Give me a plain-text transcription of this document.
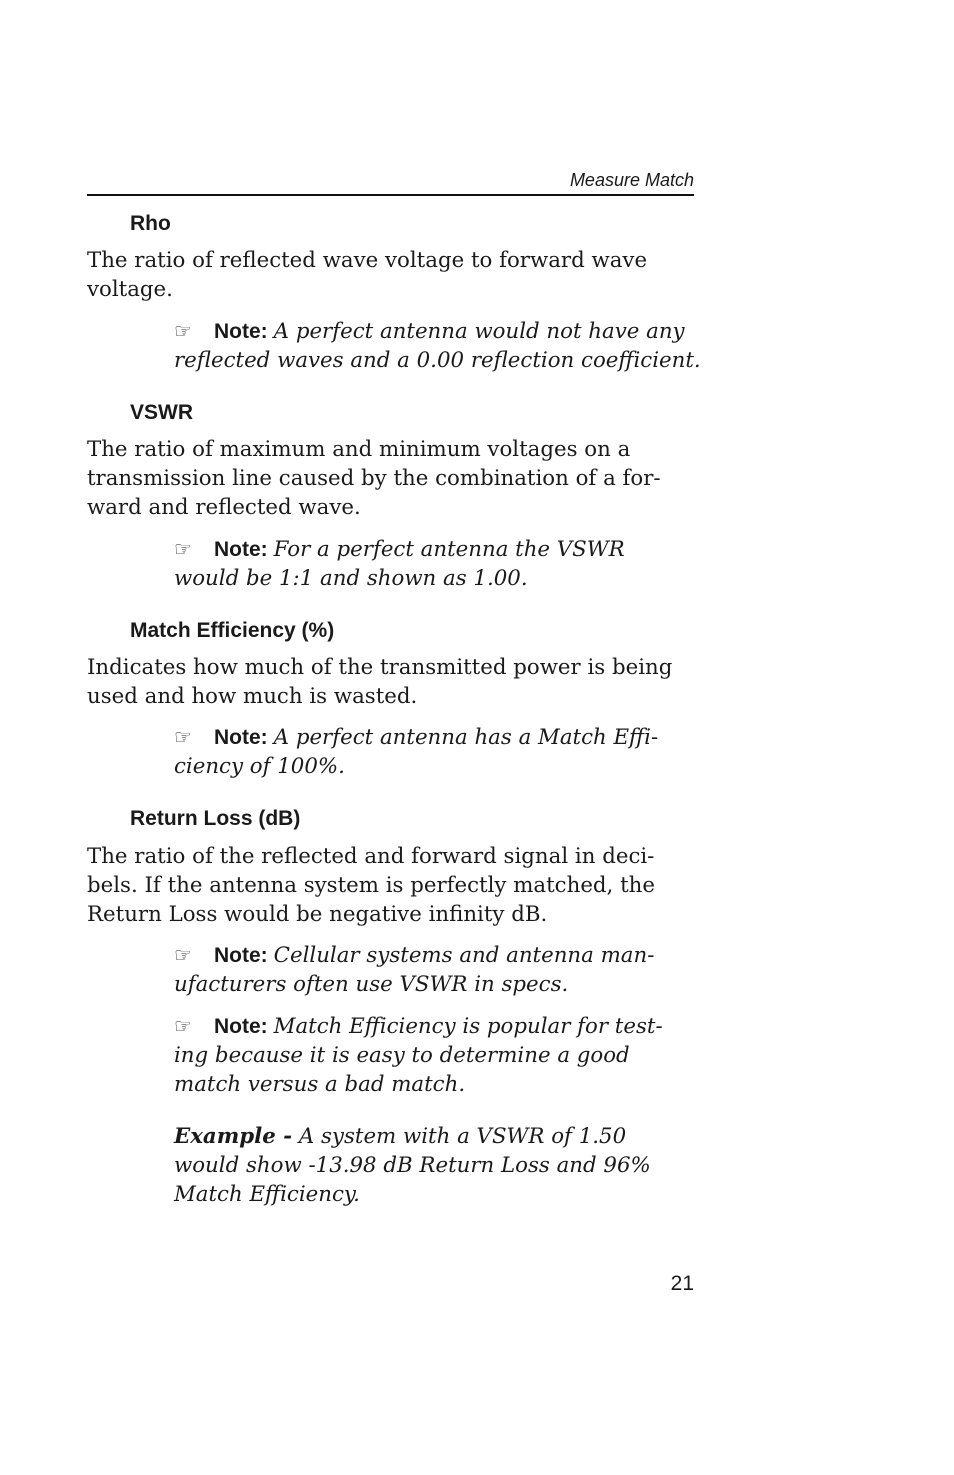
Measure Match
Rho
The ratio of reflected wave voltage to forward wave
voltage.
☞ Note: A perfect antenna would not have any
reflected waves and a 0.00 reflection coefficient.
VSWR
The ratio of maximum and minimum voltages on a
transmission line caused by the combination of a for-
ward and reflected wave.
☞ Note: For a perfect antenna the VSWR
would be 1:1 and shown as 1.00.
Match Efficiency (%)
Indicates how much of the transmitted power is being
used and how much is wasted.
☞ Note: A perfect antenna has a Match Effi-
ciency of 100%.
Return Loss (dB)
The ratio of the reflected and forward signal in deci-
bels. If the antenna system is perfectly matched, the
Return Loss would be negative infinity dB.
☞ Note: Cellular systems and antenna man-
ufacturers often use VSWR in specs.
☞ Note: Match Efficiency is popular for test-
ing because it is easy to determine a good
match versus a bad match.
Example - A system with a VSWR of 1.50
would show -13.98 dB Return Loss and 96%
Match Efficiency.
21
